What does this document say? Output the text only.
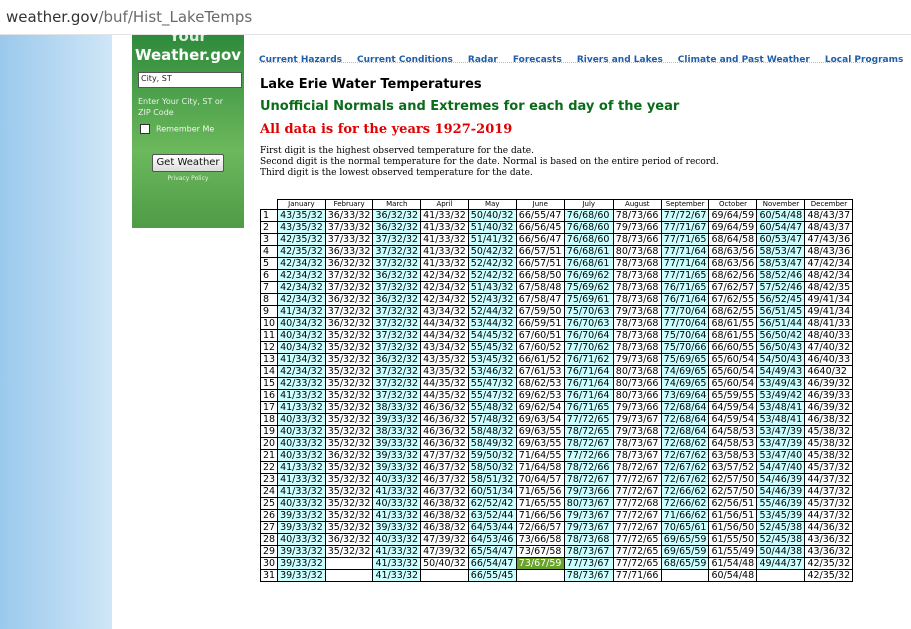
weather.gov/buf/Hist_LakeTemps
Your
Weather.gov
City, ST
Enter Your City, ST or ZIP Code
Remember Me
Get Weather
Privacy Policy
Current Hazards Current Conditions Radar Forecasts Rivers and Lakes Climate and Past Weather Local Programs
Lake Erie Water Temperatures
Unofficial Normals and Extremes for each day of the year
All data is for the years 1927-2019
First digit is the highest observed temperature for the date.
Second digit is the normal temperature for the date. Normal is based on the entire period of record.
Third digit is the lowest observed temperature for the date.
	January	February	March	April	May	June	July	August	September	October	November	December
1	43/35/32	36/33/32	36/32/32	41/33/32	50/40/32	66/55/47	76/68/60	78/73/66	77/72/67	69/64/59	60/54/48	48/43/37
2	43/35/32	37/33/32	36/32/32	41/33/32	51/40/32	66/56/45	76/68/60	79/73/66	77/71/67	69/64/59	60/54/47	48/43/37
3	42/35/32	37/33/32	37/32/32	41/33/32	51/41/32	66/56/47	76/68/60	78/73/66	77/71/65	68/64/58	60/53/47	47/43/36
4	42/35/32	36/33/32	37/32/32	41/33/32	50/42/32	66/57/51	76/68/61	80/73/68	77/71/64	68/63/56	58/53/47	48/43/36
5	42/34/32	36/32/32	37/32/32	41/33/32	52/42/32	66/57/51	76/68/61	78/73/68	77/71/64	68/63/56	58/53/47	47/42/34
6	42/34/32	37/32/32	36/32/32	42/34/32	52/42/32	66/58/50	76/69/62	78/73/68	77/71/65	68/62/56	58/52/46	48/42/34
7	42/34/32	37/32/32	37/32/32	42/34/32	51/43/32	67/58/48	75/69/62	78/73/68	76/71/65	67/62/57	57/52/46	48/42/35
8	42/34/32	36/32/32	36/32/32	42/34/32	52/43/32	67/58/47	75/69/61	78/73/68	76/71/64	67/62/55	56/52/45	49/41/34
9	41/34/32	37/32/32	37/32/32	43/34/32	52/44/32	67/59/50	75/70/63	79/73/68	77/70/64	68/62/55	56/51/45	49/41/34
10	40/34/32	36/32/32	37/32/32	44/34/32	53/44/32	66/59/51	76/70/63	78/73/68	77/70/64	68/61/55	56/51/44	48/41/33
11	40/34/32	35/32/32	37/32/32	44/34/32	54/45/32	67/60/51	76/70/64	78/73/68	75/70/64	68/61/55	56/50/42	48/40/33
12	40/34/32	35/32/32	37/32/32	43/34/32	55/45/32	67/60/52	77/70/62	78/73/68	75/70/66	66/60/55	56/50/43	47/40/32
13	41/34/32	35/32/32	36/32/32	43/35/32	53/45/32	66/61/52	76/71/62	79/73/68	75/69/65	65/60/54	54/50/43	46/40/33
14	42/34/32	35/32/32	37/32/32	43/35/32	53/46/32	67/61/53	76/71/64	80/73/68	74/69/65	65/60/54	54/49/43	4640/32
15	42/33/32	35/32/32	37/32/32	44/35/32	55/47/32	68/62/53	76/71/64	80/73/66	74/69/65	65/60/54	53/49/43	46/39/32
16	41/33/32	35/32/32	37/32/32	44/35/32	55/47/32	69/62/53	76/71/64	80/73/66	73/69/64	65/59/55	53/49/42	46/39/33
17	41/33/32	35/32/32	38/33/32	46/36/32	55/48/32	69/62/54	76/71/65	79/73/66	72/68/64	64/59/54	53/48/41	46/39/32
18	40/33/32	35/32/32	39/33/32	46/36/32	57/48/32	69/63/54	77/72/65	79/73/67	72/68/64	64/59/54	53/48/41	46/38/32
19	40/33/32	35/32/32	38/33/32	46/36/32	58/48/32	69/63/55	78/72/65	79/73/68	72/68/64	64/58/53	53/47/39	45/38/32
20	40/33/32	35/32/32	39/33/32	46/36/32	58/49/32	69/63/55	78/72/67	78/73/67	72/68/62	64/58/53	53/47/39	45/38/32
21	40/33/32	36/32/32	39/33/32	47/37/32	59/50/32	71/64/55	77/72/66	78/73/67	72/67/62	63/58/53	53/47/40	45/38/32
22	41/33/32	35/32/32	39/33/32	46/37/32	58/50/32	71/64/58	78/72/66	78/72/67	72/67/62	63/57/52	54/47/40	45/37/32
23	41/33/32	35/32/32	40/33/32	46/37/32	58/51/32	70/64/57	78/72/67	77/72/67	72/67/62	62/57/50	54/46/39	44/37/32
24	41/33/32	35/32/32	41/33/32	46/37/32	60/51/34	71/65/56	79/73/66	77/72/67	72/66/62	62/57/50	54/46/39	44/37/32
25	40/33/32	35/32/32	40/33/32	46/38/32	62/52/42	71/65/55	80/73/67	77/72/68	72/66/62	62/56/51	55/46/39	45/37/32
26	39/33/32	35/32/32	41/33/32	46/38/32	63/52/44	71/66/56	79/73/67	77/72/67	71/66/62	61/56/51	53/45/39	44/37/32
27	39/33/32	35/32/32	39/33/32	46/38/32	64/53/44	72/66/57	79/73/67	77/72/67	70/65/61	61/56/50	52/45/38	44/36/32
28	40/33/32	36/32/32	40/33/32	47/39/32	64/53/46	73/66/58	78/73/68	77/72/65	69/65/59	61/55/50	52/45/38	43/36/32
29	39/33/32	35/32/32	41/33/32	47/39/32	65/54/47	73/67/58	78/73/67	77/72/65	69/65/59	61/55/49	50/44/38	43/36/32
30	39/33/32		41/33/32	50/40/32	66/54/47	73/67/59	77/73/67	77/72/65	68/65/59	61/54/48	49/44/37	42/35/32
31	39/33/32		41/33/32		66/55/45		78/73/67	77/71/66		60/54/48		42/35/32
